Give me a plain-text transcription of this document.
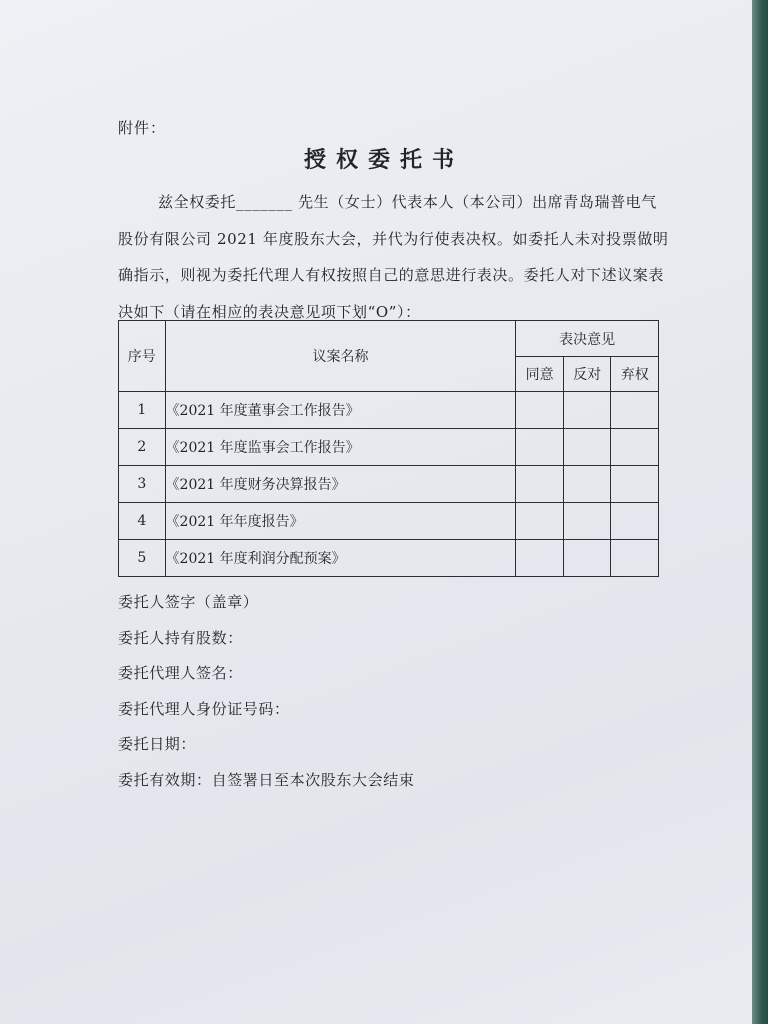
附件：
授权委托书
兹全权委托_______ 先生（女士）代表本人（本公司）出席青岛瑞普电气
股份有限公司 2021 年度股东大会，并代为行使表决权。如委托人未对投票做明
确指示，则视为委托代理人有权按照自己的意思进行表决。委托人对下述议案表
决如下（请在相应的表决意见项下划“O”）：
序号	议案名称	表决意见		
		同意	反对	弃权
1	《2021 年度董事会工作报告》			
2	《2021 年度监事会工作报告》			
3	《2021 年度财务决算报告》			
4	《2021 年年度报告》			
5	《2021 年度利润分配预案》			
委托人签字（盖章）
委托人持有股数：
委托代理人签名：
委托代理人身份证号码：
委托日期：
委托有效期：自签署日至本次股东大会结束
